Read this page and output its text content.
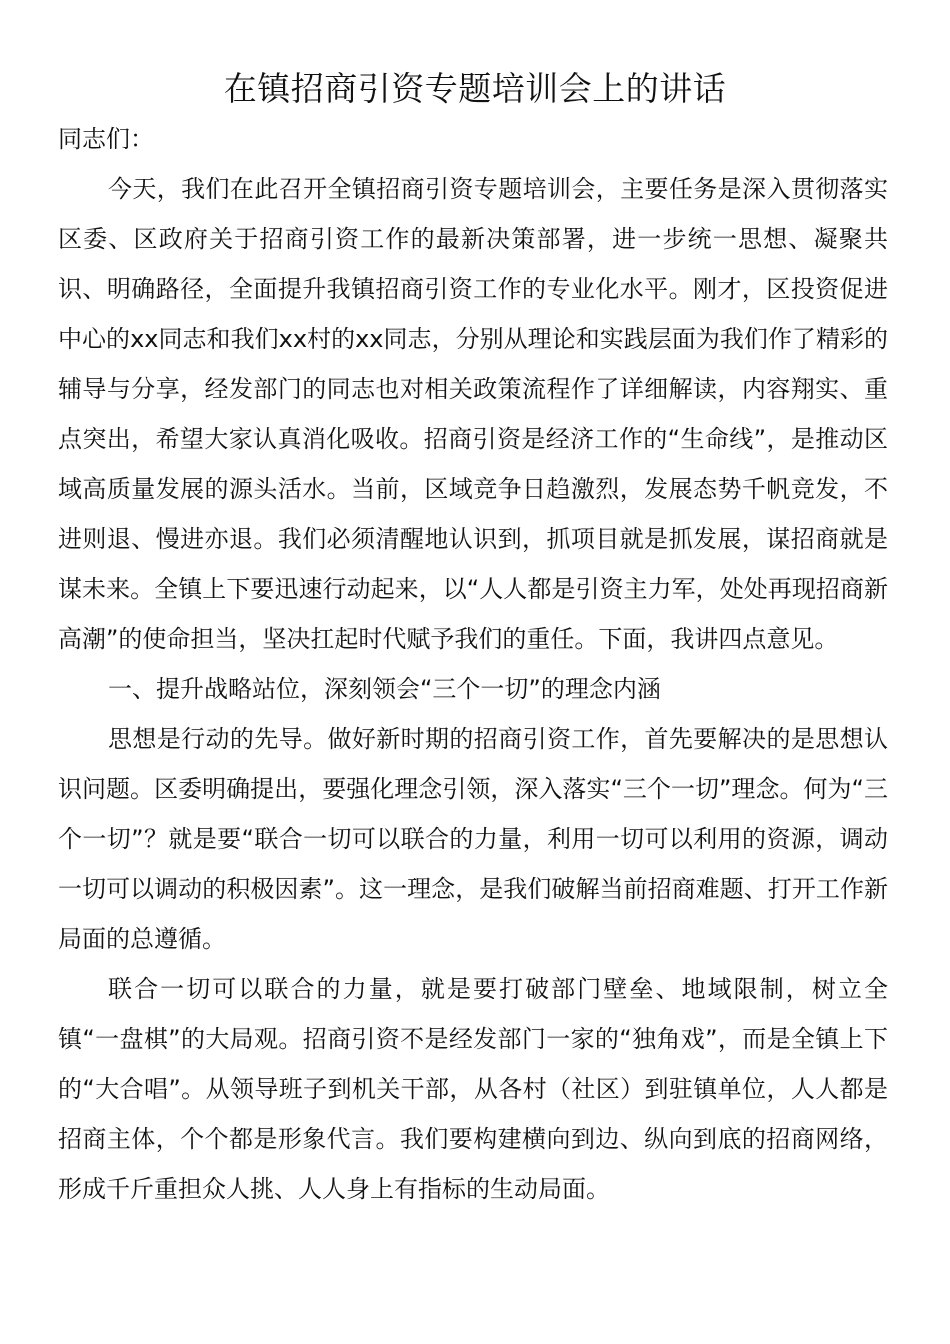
在镇招商引资专题培训会上的讲话

同志们：

今天，我们在此召开全镇招商引资专题培训会，主要任务是深入贯彻落实区委、区政府关于招商引资工作的最新决策部署，进一步统一思想、凝聚共识、明确路径，全面提升我镇招商引资工作的专业化水平。刚才，区投资促进中心的xx同志和我们xx村的xx同志，分别从理论和实践层面为我们作了精彩的辅导与分享，经发部门的同志也对相关政策流程作了详细解读，内容翔实、重点突出，希望大家认真消化吸收。招商引资是经济工作的“生命线”，是推动区域高质量发展的源头活水。当前，区域竞争日趋激烈，发展态势千帆竞发，不进则退、慢进亦退。我们必须清醒地认识到，抓项目就是抓发展，谋招商就是谋未来。全镇上下要迅速行动起来，以“人人都是引资主力军，处处再现招商新高潮”的使命担当，坚决扛起时代赋予我们的重任。下面，我讲四点意见。

一、提升战略站位，深刻领会“三个一切”的理念内涵

思想是行动的先导。做好新时期的招商引资工作，首先要解决的是思想认识问题。区委明确提出，要强化理念引领，深入落实“三个一切”理念。何为“三个一切”？就是要“联合一切可以联合的力量，利用一切可以利用的资源，调动一切可以调动的积极因素”。这一理念，是我们破解当前招商难题、打开工作新局面的总遵循。

联合一切可以联合的力量，就是要打破部门壁垒、地域限制，树立全镇“一盘棋”的大局观。招商引资不是经发部门一家的“独角戏”，而是全镇上下的“大合唱”。从领导班子到机关干部，从各村（社区）到驻镇单位，人人都是招商主体，个个都是形象代言。我们要构建横向到边、纵向到底的招商网络，形成千斤重担众人挑、人人身上有指标的生动局面。
